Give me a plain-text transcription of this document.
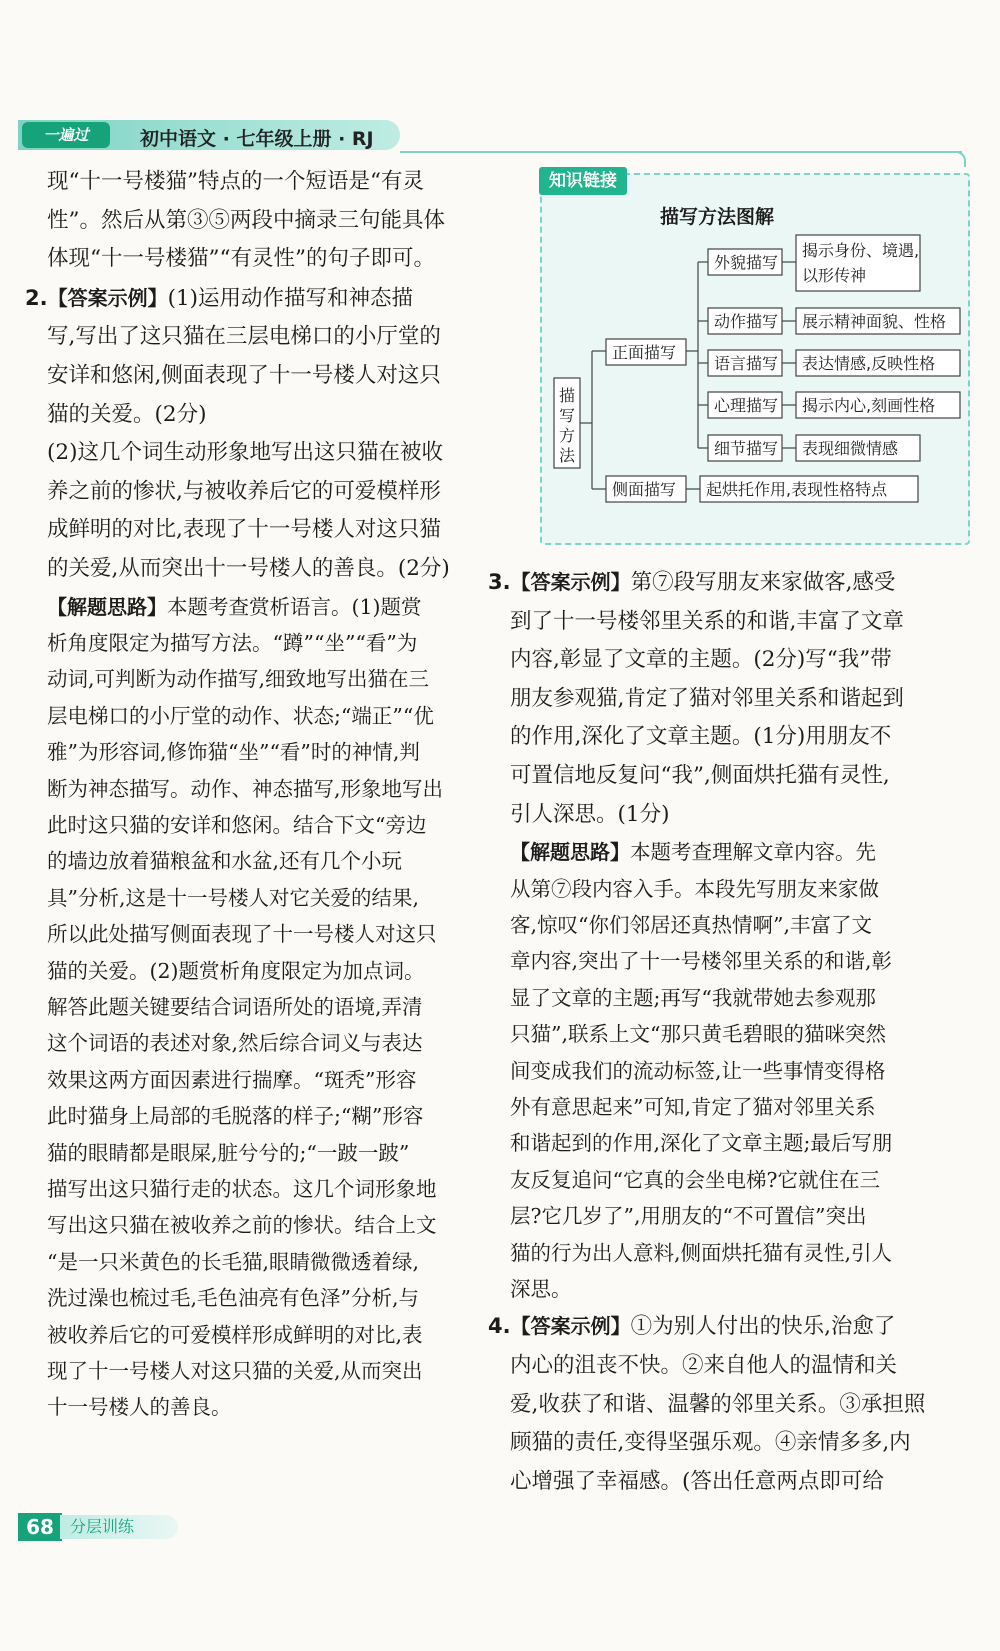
一遍过	初中语文 · 七年级上册 · RJ

现“十一号楼猫”特点的一个短语是“有灵

性”。然后从第③⑤两段中摘录三句能具体

体现“十一号楼猫”“有灵性”的句子即可。

2.【答案示例】(1)运用动作描写和神态描

写,写出了这只猫在三层电梯口的小厅堂的

安详和悠闲,侧面表现了十一号楼人对这只

猫的关爱。(2分)

(2)这几个词生动形象地写出这只猫在被收

养之前的惨状,与被收养后它的可爱模样形

成鲜明的对比,表现了十一号楼人对这只猫

的关爱,从而突出十一号楼人的善良。(2分)

【解题思路】本题考查赏析语言。(1)题赏

析角度限定为描写方法。“蹲”“坐”“看”为

动词,可判断为动作描写,细致地写出猫在三

层电梯口的小厅堂的动作、状态;“端正”“优

雅”为形容词,修饰猫“坐”“看”时的神情,判

断为神态描写。动作、神态描写,形象地写出

此时这只猫的安详和悠闲。结合下文“旁边

的墙边放着猫粮盆和水盆,还有几个小玩

具”分析,这是十一号楼人对它关爱的结果,

所以此处描写侧面表现了十一号楼人对这只

猫的关爱。(2)题赏析角度限定为加点词。

解答此题关键要结合词语所处的语境,弄清

这个词语的表述对象,然后综合词义与表达

效果这两方面因素进行揣摩。“斑秃”形容

此时猫身上局部的毛脱落的样子;“糊”形容

猫的眼睛都是眼屎,脏兮兮的;“一跛一跛”

描写出这只猫行走的状态。这几个词形象地

写出这只猫在被收养之前的惨状。结合上文

“是一只米黄色的长毛猫,眼睛微微透着绿,

洗过澡也梳过毛,毛色油亮有色泽”分析,与

被收养后它的可爱模样形成鲜明的对比,表

现了十一号楼人对这只猫的关爱,从而突出

十一号楼人的善良。

知识链接
描写方法图解
描
写
方
法
正面描写
外貌描写
揭示身份、境遇,
以形传神
动作描写 展示精神面貌、性格
语言描写 表达情感,反映性格
心理描写 揭示内心,刻画性格
细节描写 表现细微情感
侧面描写 起烘托作用,表现性格特点

3.【答案示例】第⑦段写朋友来家做客,感受

到了十一号楼邻里关系的和谐,丰富了文章

内容,彰显了文章的主题。(2分)写“我”带

朋友参观猫,肯定了猫对邻里关系和谐起到

的作用,深化了文章主题。(1分)用朋友不

可置信地反复问“我”,侧面烘托猫有灵性,

引人深思。(1分)

【解题思路】本题考查理解文章内容。先

从第⑦段内容入手。本段先写朋友来家做

客,惊叹“你们邻居还真热情啊”,丰富了文

章内容,突出了十一号楼邻里关系的和谐,彰

显了文章的主题;再写“我就带她去参观那

只猫”,联系上文“那只黄毛碧眼的猫咪突然

间变成我们的流动标签,让一些事情变得格

外有意思起来”可知,肯定了猫对邻里关系

和谐起到的作用,深化了文章主题;最后写朋

友反复追问“它真的会坐电梯?它就住在三

层?它几岁了”,用朋友的“不可置信”突出

猫的行为出人意料,侧面烘托猫有灵性,引人

深思。

4.【答案示例】①为别人付出的快乐,治愈了

内心的沮丧不快。②来自他人的温情和关

爱,收获了和谐、温馨的邻里关系。③承担照

顾猫的责任,变得坚强乐观。④亲情多多,内

心增强了幸福感。(答出任意两点即可给

68	分层训练
